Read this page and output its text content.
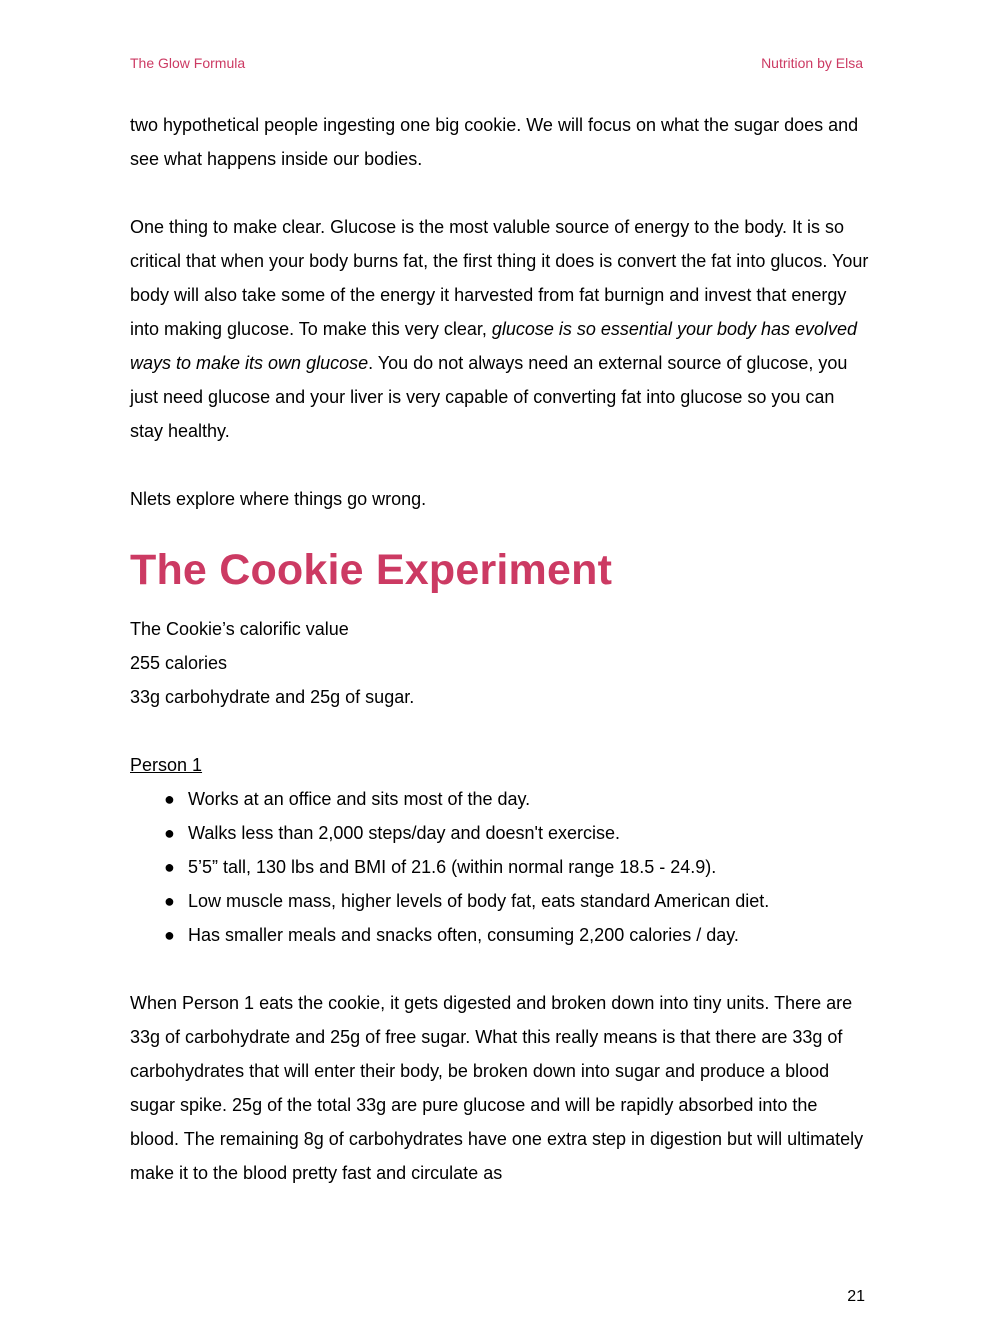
The Glow Formula	Nutrition by Elsa

two hypothetical people ingesting one big cookie. We will focus on what the sugar does and see what happens inside our bodies.

One thing to make clear. Glucose is the most valuble source of energy to the body. It is so critical that when your body burns fat, the first thing it does is convert the fat into glucos. Your body will also take some of the energy it harvested from fat burnign and invest that energy into making glucose. To make this very clear, glucose is so essential your body has evolved ways to make its own glucose. You do not always need an external source of glucose, you just need glucose and your liver is very capable of converting fat into glucose so you can stay healthy.

Nlets explore where things go wrong.

The Cookie Experiment

The Cookie’s calorific value

255 calories

33g carbohydrate and 25g of sugar.

Person 1

● Works at an office and sits most of the day.
● Walks less than 2,000 steps/day and doesn't exercise.
● 5’5” tall, 130 lbs and BMI of 21.6 (within normal range 18.5 - 24.9).
● Low muscle mass, higher levels of body fat, eats standard American diet.
● Has smaller meals and snacks often, consuming 2,200 calories / day.

When Person 1 eats the cookie, it gets digested and broken down into tiny units. There are 33g of carbohydrate and 25g of free sugar. What this really means is that there are 33g of carbohydrates that will enter their body, be broken down into sugar and produce a blood sugar spike. 25g of the total 33g are pure glucose and will be rapidly absorbed into the blood. The remaining 8g of carbohydrates have one extra step in digestion but will ultimately make it to the blood pretty fast and circulate as

21
